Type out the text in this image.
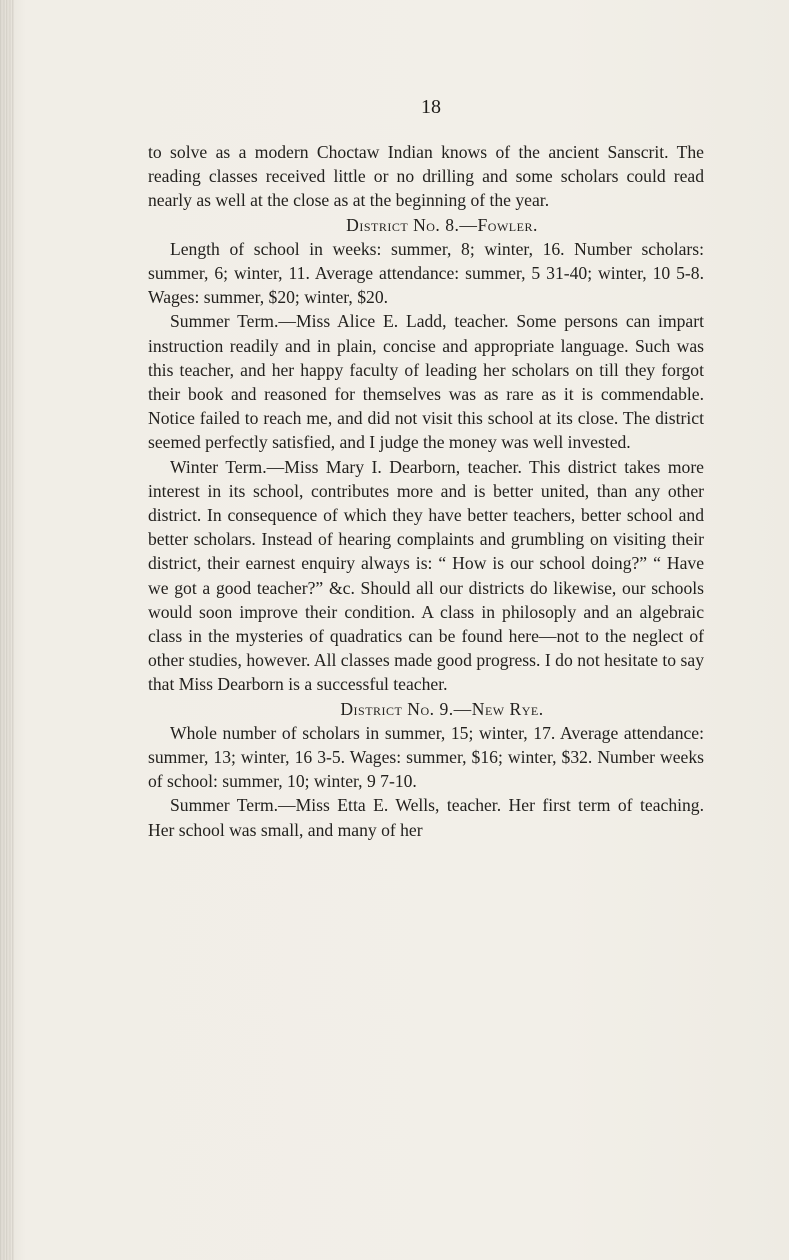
18

to solve as a modern Choctaw Indian knows of the ancient Sanscrit. The reading classes received little or no drilling and some scholars could read nearly as well at the close as at the beginning of the year.

District No. 8.—Fowler.

Length of school in weeks: summer, 8; winter, 16. Number scholars: summer, 6; winter, 11. Average attendance: summer, 5 31-40; winter, 10 5-8. Wages: summer, $20; winter, $20.

Summer Term.—Miss Alice E. Ladd, teacher. Some persons can impart instruction readily and in plain, concise and appropriate language. Such was this teacher, and her happy faculty of leading her scholars on till they forgot their book and reasoned for themselves was as rare as it is commendable. Notice failed to reach me, and did not visit this school at its close. The district seemed perfectly satisfied, and I judge the money was well invested.

Winter Term.—Miss Mary I. Dearborn, teacher. This district takes more interest in its school, contributes more and is better united, than any other district. In consequence of which they have better teachers, better school and better scholars. Instead of hearing complaints and grumbling on visiting their district, their earnest enquiry always is: “ How is our school doing?” “ Have we got a good teacher?” &c. Should all our districts do likewise, our schools would soon improve their condition. A class in philosoply and an algebraic class in the mysteries of quadratics can be found here—not to the neglect of other studies, however. All classes made good progress. I do not hesitate to say that Miss Dearborn is a successful teacher.

District No. 9.—New Rye.

Whole number of scholars in summer, 15; winter, 17. Average attendance: summer, 13; winter, 16 3-5. Wages: summer, $16; winter, $32. Number weeks of school: summer, 10; winter, 9 7-10.

Summer Term.—Miss Etta E. Wells, teacher. Her first term of teaching. Her school was small, and many of her
